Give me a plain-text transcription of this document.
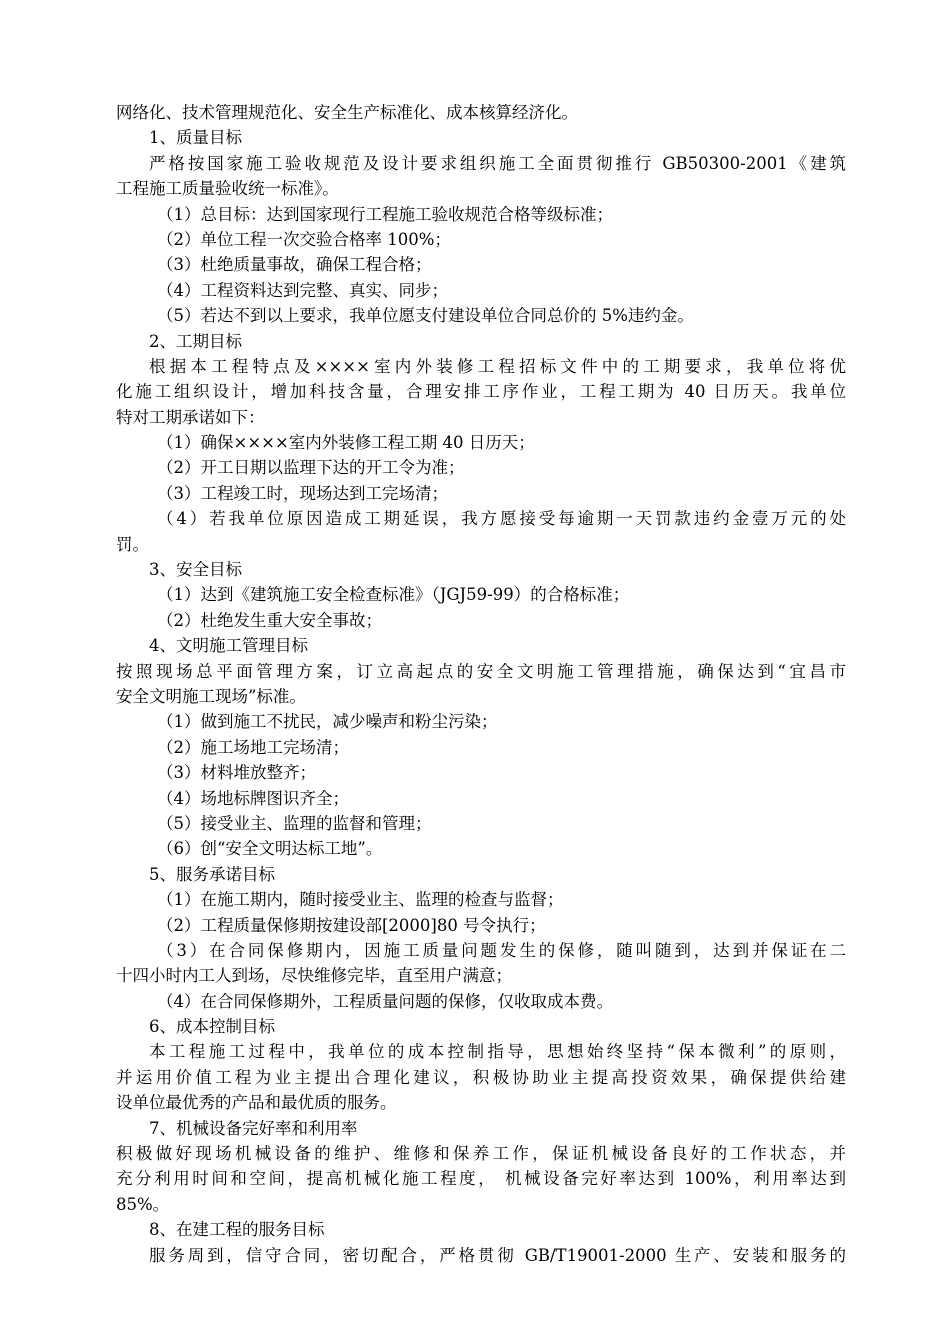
网络化、技术管理规范化、安全生产标准化、成本核算经济化。
1、质量目标
严格按国家施工验收规范及设计要求组织施工全面贯彻推行 GB50300-2001《建筑
工程施工质量验收统一标准》。
（1）总目标：达到国家现行工程施工验收规范合格等级标准；
（2）单位工程一次交验合格率 100%；
（3）杜绝质量事故，确保工程合格；
（4）工程资料达到完整、真实、同步；
（5）若达不到以上要求，我单位愿支付建设单位合同总价的 5%违约金。
2、工期目标
根据本工程特点及××××室内外装修工程招标文件中的工期要求，我单位将优
化施工组织设计，增加科技含量，合理安排工序作业，工程工期为 40 日历天。我单位
特对工期承诺如下：
（1）确保××××室内外装修工程工期 40 日历天；
（2）开工日期以监理下达的开工令为准；
（3）工程竣工时，现场达到工完场清；
（4）若我单位原因造成工期延误，我方愿接受每逾期一天罚款违约金壹万元的处
罚。
3、安全目标
（1）达到《建筑施工安全检查标准》（JGJ59-99）的合格标准；
（2）杜绝发生重大安全事故；
4、文明施工管理目标
按照现场总平面管理方案，订立高起点的安全文明施工管理措施，确保达到“宜昌市
安全文明施工现场”标准。
（1）做到施工不扰民，减少噪声和粉尘污染；
（2）施工场地工完场清；
（3）材料堆放整齐；
（4）场地标牌图识齐全；
（5）接受业主、监理的监督和管理；
（6）创“安全文明达标工地”。
5、服务承诺目标
（1）在施工期内，随时接受业主、监理的检查与监督；
（2）工程质量保修期按建设部[2000]80 号令执行；
（3）在合同保修期内，因施工质量问题发生的保修，随叫随到，达到并保证在二
十四小时内工人到场，尽快维修完毕，直至用户满意；
（4）在合同保修期外，工程质量问题的保修，仅收取成本费。
6、成本控制目标
本工程施工过程中，我单位的成本控制指导，思想始终坚持“保本微利”的原则，
并运用价值工程为业主提出合理化建议，积极协助业主提高投资效果，确保提供给建
设单位最优秀的产品和最优质的服务。
7、机械设备完好率和利用率
积极做好现场机械设备的维护、维修和保养工作，保证机械设备良好的工作状态，并
充分利用时间和空间，提高机械化施工程度， 机械设备完好率达到 100%，利用率达到
85%。
8、在建工程的服务目标
服务周到，信守合同，密切配合，严格贯彻 GB/T19001-2000 生产、安装和服务的
